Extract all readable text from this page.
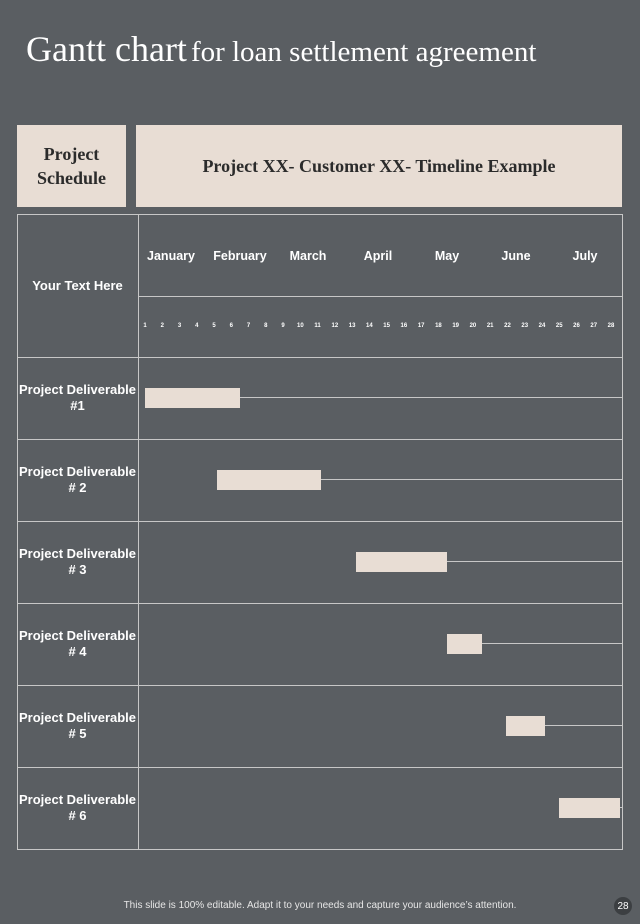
Gantt chart for loan settlement agreement
Project Schedule
Project XX- Customer XX- Timeline Example
Your Text Here
January February March	April	May	June	July
1 2 3 4 5 6 7 8 9 10 11 12 13 14 15 16 17 18 19 20 21 22 23 24 25 26 27 28
Project Deliverable #1
Project Deliverable # 2
Project Deliverable # 3
Project Deliverable # 4
Project Deliverable # 5
Project Deliverable # 6
This slide is 100% editable. Adapt it to your needs and capture your audience’s attention.	28
